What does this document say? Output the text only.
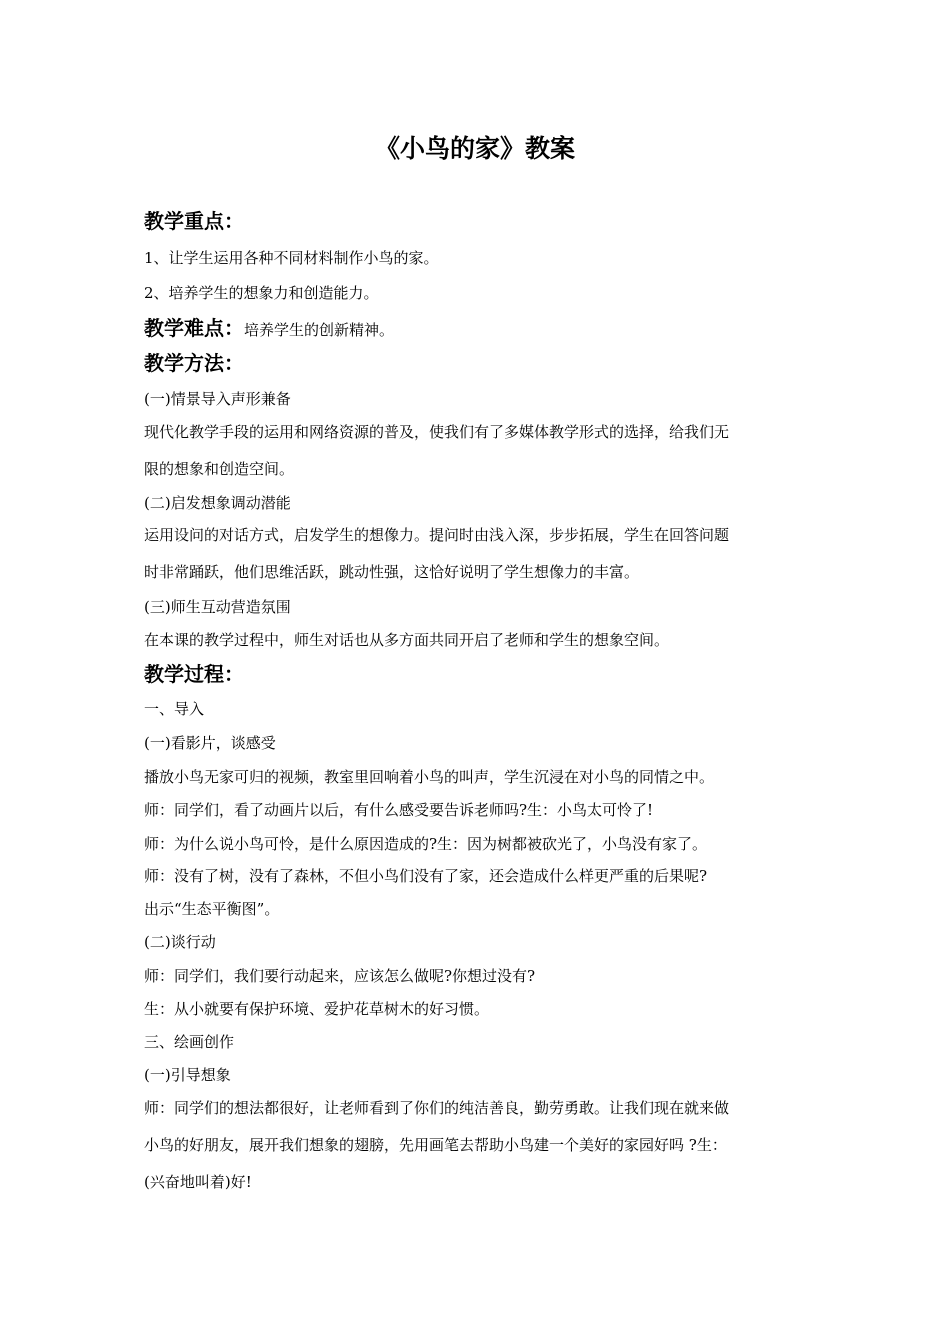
《小鸟的家》教案
教学重点：
1、让学生运用各种不同材料制作小鸟的家。
2、培养学生的想象力和创造能力。
教学难点：培养学生的创新精神。
教学方法：
(一)情景导入声形兼备
现代化教学手段的运用和网络资源的普及，使我们有了多媒体教学形式的选择，给我们无
限的想象和创造空间。
(二)启发想象调动潜能
运用设问的对话方式，启发学生的想像力。提问时由浅入深，步步拓展，学生在回答问题
时非常踊跃，他们思维活跃，跳动性强，这恰好说明了学生想像力的丰富。
(三)师生互动营造氛围
在本课的教学过程中，师生对话也从多方面共同开启了老师和学生的想象空间。
教学过程：
一、导入
(一)看影片，谈感受
播放小鸟无家可归的视频，教室里回响着小鸟的叫声，学生沉浸在对小鸟的同情之中。
师：同学们，看了动画片以后，有什么感受要告诉老师吗?生：小鸟太可怜了!
师：为什么说小鸟可怜，是什么原因造成的?生：因为树都被砍光了，小鸟没有家了。
师：没有了树，没有了森林，不但小鸟们没有了家，还会造成什么样更严重的后果呢?
出示“生态平衡图”。
(二)谈行动
师：同学们，我们要行动起来，应该怎么做呢?你想过没有?
生：从小就要有保护环境、爱护花草树木的好习惯。
三、绘画创作
(一)引导想象
师：同学们的想法都很好，让老师看到了你们的纯洁善良，勤劳勇敢。让我们现在就来做
小鸟的好朋友，展开我们想象的翅膀，先用画笔去帮助小鸟建一个美好的家园好吗 ?生：
(兴奋地叫着)好!
